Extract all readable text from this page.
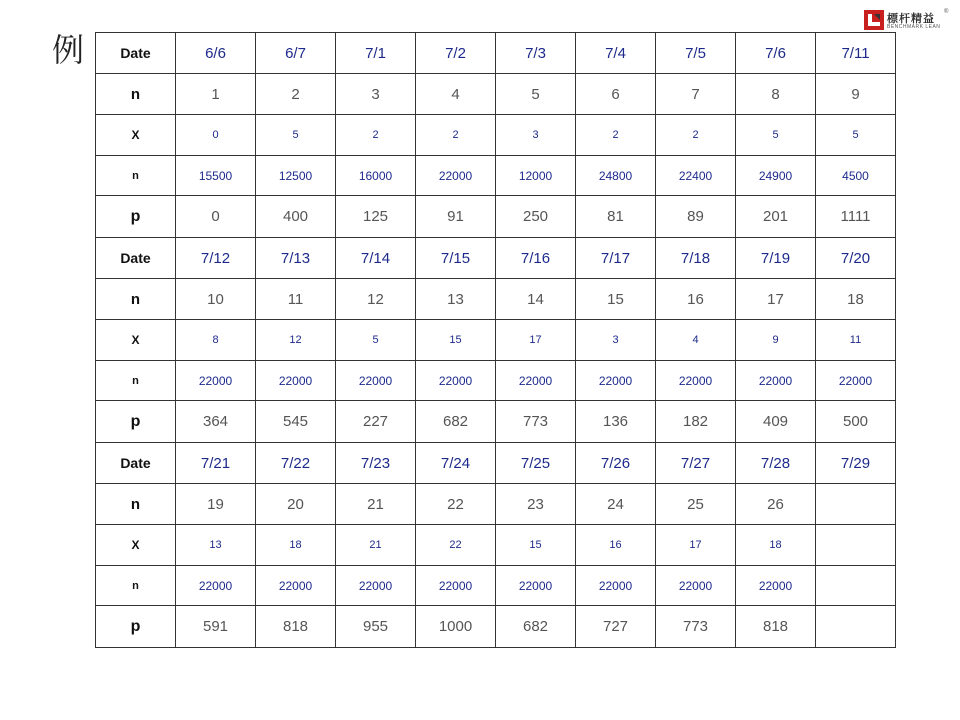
例
標杆精益
®
BENCHMARK LEAN
Date	6/6	6/7	7/1	7/2	7/3	7/4	7/5	7/6	7/11
n	1	2	3	4	5	6	7	8	9
X	0	5	2	2	3	2	2	5	5
n	15500	12500	16000	22000	12000	24800	22400	24900	4500
p	0	400	125	91	250	81	89	201	1111
Date	7/12	7/13	7/14	7/15	7/16	7/17	7/18	7/19	7/20
n	10	11	12	13	14	15	16	17	18
X	8	12	5	15	17	3	4	9	11
n	22000	22000	22000	22000	22000	22000	22000	22000	22000
p	364	545	227	682	773	136	182	409	500
Date	7/21	7/22	7/23	7/24	7/25	7/26	7/27	7/28	7/29
n	19	20	21	22	23	24	25	26	
X	13	18	21	22	15	16	17	18	
n	22000	22000	22000	22000	22000	22000	22000	22000	
p	591	818	955	1000	682	727	773	818	
